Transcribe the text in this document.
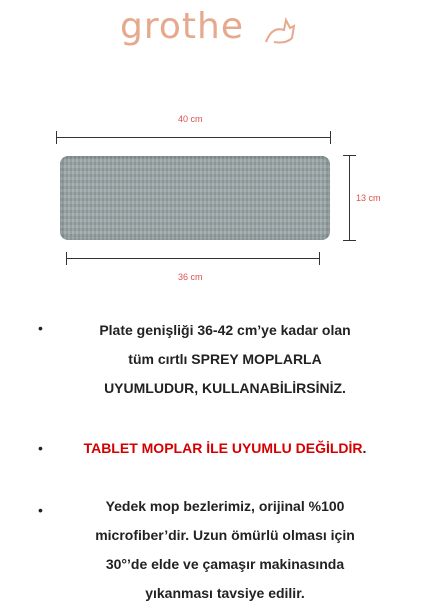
grothe
40 cm
13 cm
36 cm
•	Plate genişliği 36-42 cm’ye kadar olan
tüm cırtlı SPREY MOPLARLA
UYUMLUDUR, KULLANABİLİRSİNİZ.
•	TABLET MOPLAR İLE UYUMLU DEĞİLDİR.
•	Yedek mop bezlerimiz, orijinal %100
microfiber’dir. Uzun ömürlü olması için
30°’de elde ve çamaşır makinasında
yıkanması tavsiye edilir.
